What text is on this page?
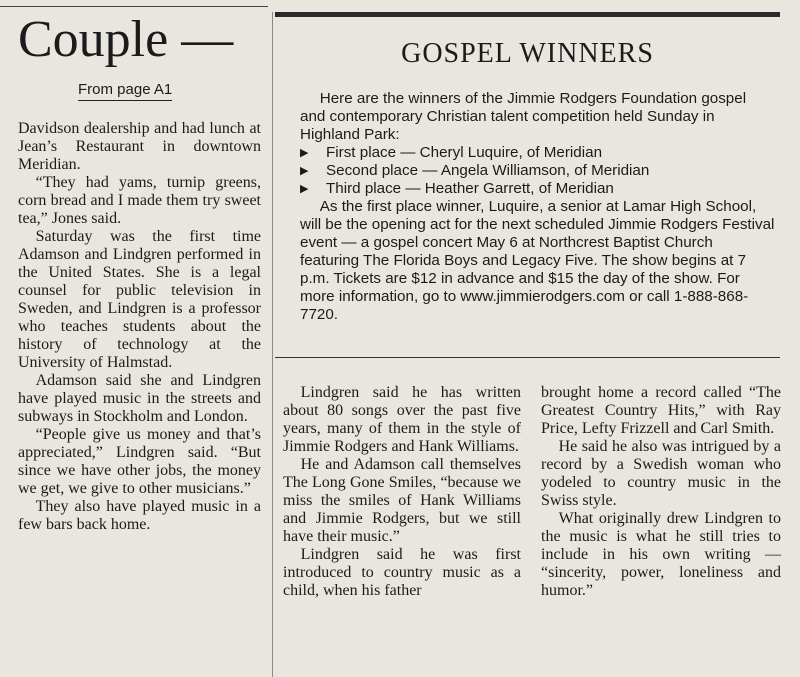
Couple —
From page A1

Davidson dealership and had lunch at Jean’s Restaurant in downtown Meridian.

“They had yams, turnip greens, corn bread and I made them try sweet tea,” Jones said.

Saturday was the first time Adamson and Lindgren performed in the United States. She is a legal counsel for public television in Sweden, and Lindgren is a professor who teaches students about the history of technology at the University of Halmstad.

Adamson said she and Lindgren have played music in the streets and subways in Stockholm and London.

“People give us money and that’s appreciated,” Lindgren said. “But since we have other jobs, the money we get, we give to other musicians.”

They also have played music in a few bars back home.

GOSPEL WINNERS

Here are the winners of the Jimmie Rodgers Foundation gospel and contemporary Christian talent competition held Sunday in Highland Park:

▶	First place — Cheryl Luquire, of Meridian
▶	Second place — Angela Williamson, of Meridian
▶	Third place — Heather Garrett, of Meridian

As the first place winner, Luquire, a senior at Lamar High School, will be the opening act for the next scheduled Jimmie Rodgers Festival event — a gospel concert May 6 at Northcrest Baptist Church featuring The Florida Boys and Legacy Five. The show begins at 7 p.m. Tickets are $12 in advance and $15 the day of the show. For more information, go to www.jimmierodgers.com or call 1-888-868-7720.

Lindgren said he has written about 80 songs over the past five years, many of them in the style of Jimmie Rodgers and Hank Williams.

He and Adamson call themselves The Long Gone Smiles, “because we miss the smiles of Hank Williams and Jimmie Rodgers, but we still have their music.”

Lindgren said he was first introduced to country music as a child, when his father

brought home a record called “The Greatest Country Hits,” with Ray Price, Lefty Frizzell and Carl Smith.

He said he also was intrigued by a record by a Swedish woman who yodeled to country music in the Swiss style.

What originally drew Lindgren to the music is what he still tries to include in his own writing — “sincerity, power, loneliness and humor.”
